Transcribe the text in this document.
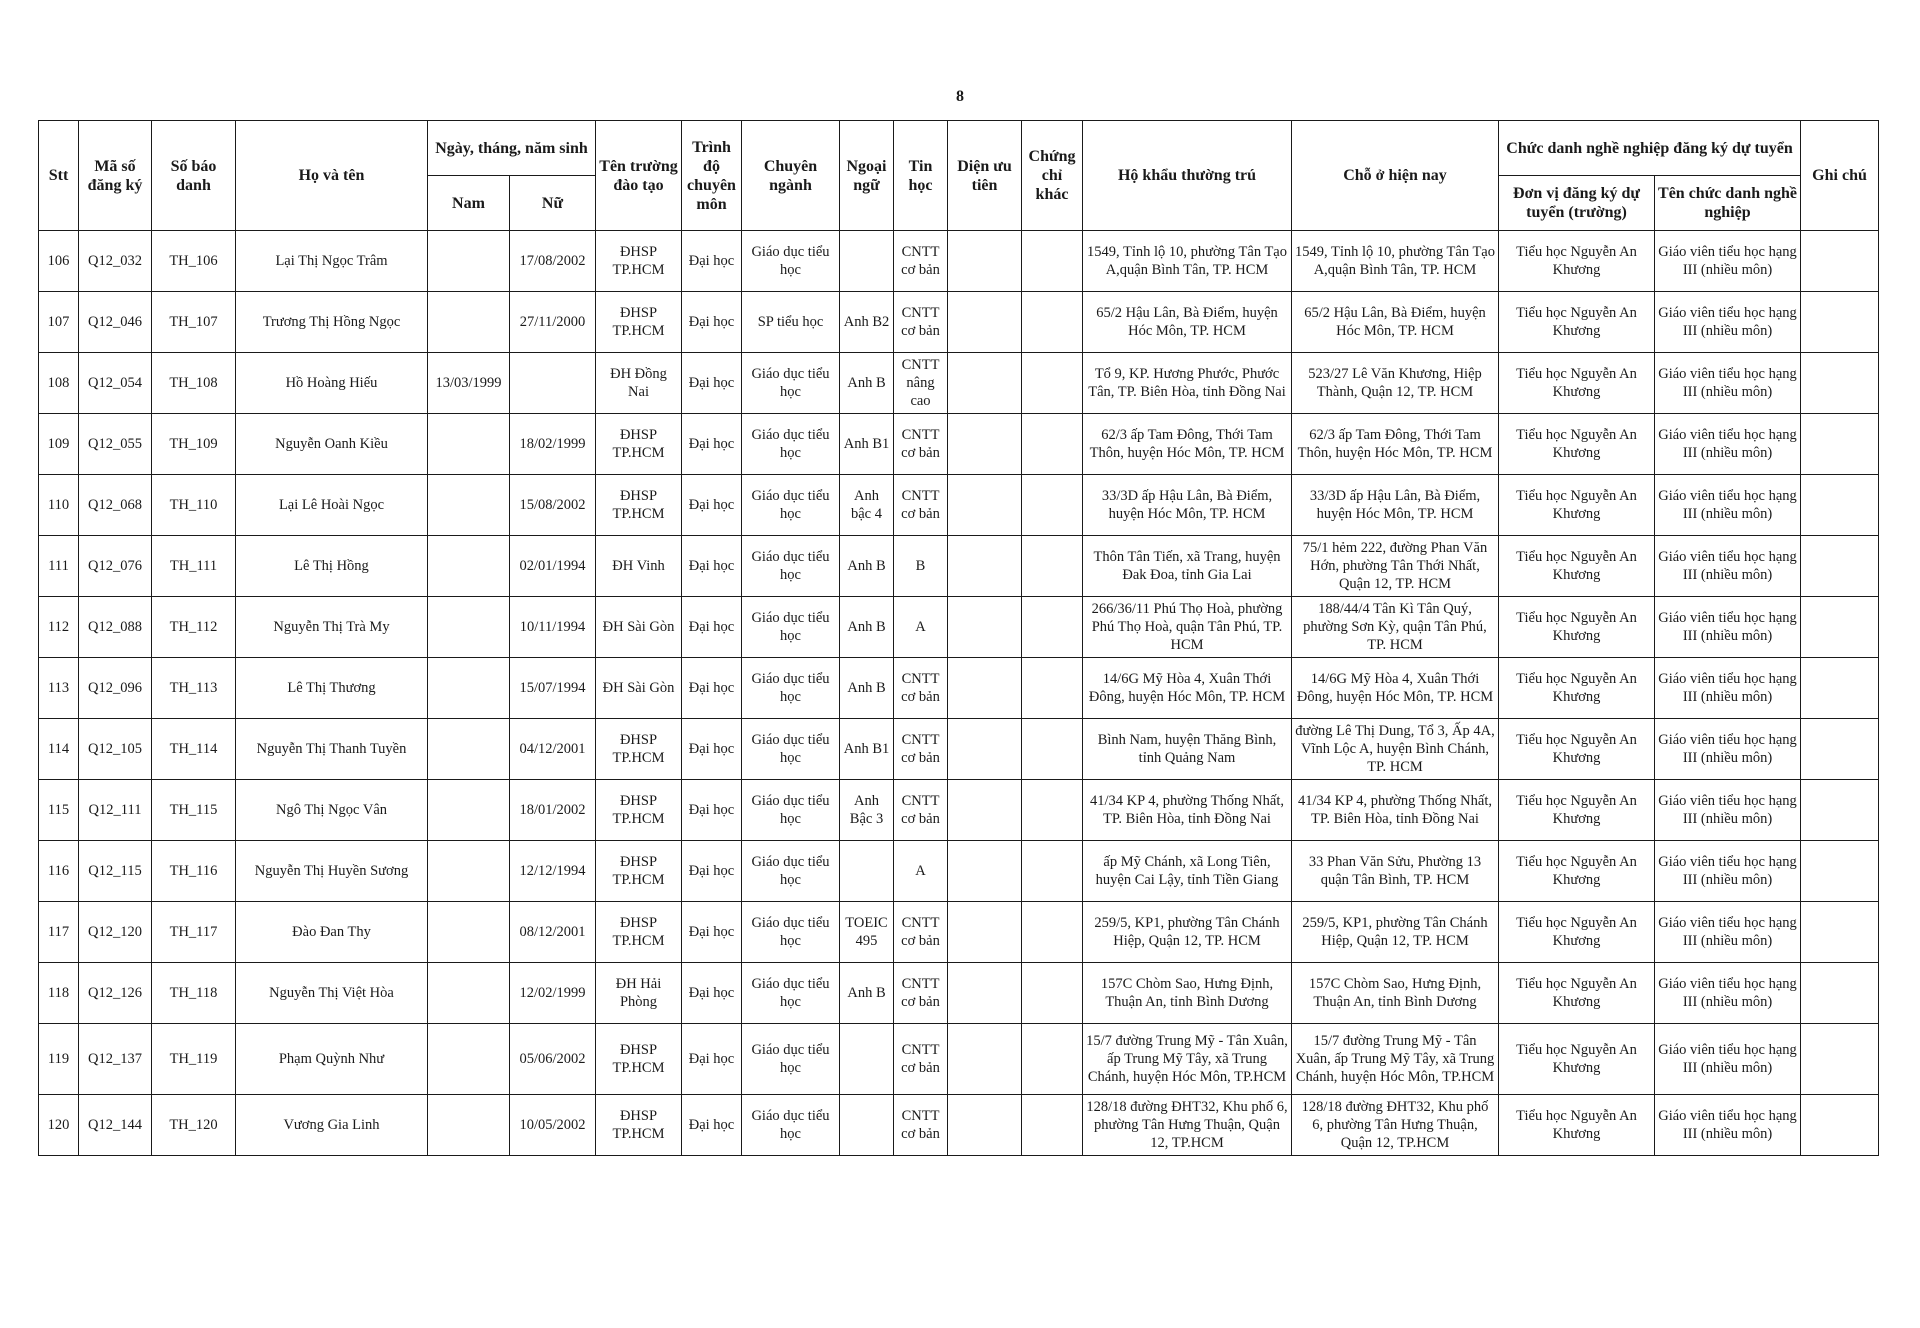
8
Stt	Mã số đăng ký	Số báo danh	Họ và tên	Ngày, tháng, năm sinh		Tên trường đào tạo	Trình độ chuyên môn	Chuyên ngành	Ngoại ngữ	Tin học	Diện ưu tiên	Chứng chỉ khác	Hộ khẩu thường trú	Chỗ ở hiện nay	Chức danh nghề nghiệp đăng ký dự tuyển		Ghi chú
				Nam	Nữ										Đơn vị đăng ký dự tuyển (trường)	Tên chức danh nghề nghiệp	
106	Q12_032	TH_106	Lại Thị Ngọc Trâm		17/08/2002	ĐHSP TP.HCM	Đại học	Giáo dục tiểu học		CNTT cơ bản			1549, Tỉnh lộ 10, phường Tân Tạo A,quận Bình Tân, TP. HCM	1549, Tỉnh lộ 10, phường Tân Tạo A,quận Bình Tân, TP. HCM	Tiểu học Nguyễn An Khương	Giáo viên tiểu học hạng III (nhiều môn)	
107	Q12_046	TH_107	Trương Thị Hồng Ngọc		27/11/2000	ĐHSP TP.HCM	Đại học	SP tiểu học	Anh B2	CNTT cơ bản			65/2 Hậu Lân, Bà Điểm, huyện Hóc Môn, TP. HCM	65/2 Hậu Lân, Bà Điểm, huyện Hóc Môn, TP. HCM	Tiểu học Nguyễn An Khương	Giáo viên tiểu học hạng III (nhiều môn)	
108	Q12_054	TH_108	Hồ Hoàng Hiếu	13/03/1999		ĐH Đồng Nai	Đại học	Giáo dục tiểu học	Anh B	CNTT nâng cao			Tổ 9, KP. Hương Phước, Phước Tân, TP. Biên Hòa, tỉnh Đồng Nai	523/27 Lê Văn Khương, Hiệp Thành, Quận 12, TP. HCM	Tiểu học Nguyễn An Khương	Giáo viên tiểu học hạng III (nhiều môn)	
109	Q12_055	TH_109	Nguyễn Oanh Kiều		18/02/1999	ĐHSP TP.HCM	Đại học	Giáo dục tiểu học	Anh B1	CNTT cơ bản			62/3 ấp Tam Đông, Thới Tam Thôn, huyện Hóc Môn, TP. HCM	62/3 ấp Tam Đông, Thới Tam Thôn, huyện Hóc Môn, TP. HCM	Tiểu học Nguyễn An Khương	Giáo viên tiểu học hạng III (nhiều môn)	
110	Q12_068	TH_110	Lại Lê Hoài Ngọc		15/08/2002	ĐHSP TP.HCM	Đại học	Giáo dục tiểu học	Anh bậc 4	CNTT cơ bản			33/3D ấp Hậu Lân, Bà Điểm, huyện Hóc Môn, TP. HCM	33/3D ấp Hậu Lân, Bà Điểm, huyện Hóc Môn, TP. HCM	Tiểu học Nguyễn An Khương	Giáo viên tiểu học hạng III (nhiều môn)	
111	Q12_076	TH_111	Lê Thị Hồng		02/01/1994	ĐH Vinh	Đại học	Giáo dục tiểu học	Anh B	B			Thôn Tân Tiến, xã Trang, huyện Đak Đoa, tỉnh Gia Lai	75/1 hẻm 222, đường Phan Văn Hớn, phường Tân Thới Nhất, Quận 12, TP. HCM	Tiểu học Nguyễn An Khương	Giáo viên tiểu học hạng III (nhiều môn)	
112	Q12_088	TH_112	Nguyễn Thị Trà My		10/11/1994	ĐH Sài Gòn	Đại học	Giáo dục tiểu học	Anh B	A			266/36/11 Phú Thọ Hoà, phường Phú Thọ Hoà, quận Tân Phú, TP. HCM	188/44/4 Tân Kì Tân Quý, phường Sơn Kỳ, quận Tân Phú, TP. HCM	Tiểu học Nguyễn An Khương	Giáo viên tiểu học hạng III (nhiều môn)	
113	Q12_096	TH_113	Lê Thị Thương		15/07/1994	ĐH Sài Gòn	Đại học	Giáo dục tiểu học	Anh B	CNTT cơ bản			14/6G Mỹ Hòa 4, Xuân Thới Đông, huyện Hóc Môn, TP. HCM	14/6G Mỹ Hòa 4, Xuân Thới Đông, huyện Hóc Môn, TP. HCM	Tiểu học Nguyễn An Khương	Giáo viên tiểu học hạng III (nhiều môn)	
114	Q12_105	TH_114	Nguyễn Thị Thanh Tuyền		04/12/2001	ĐHSP TP.HCM	Đại học	Giáo dục tiểu học	Anh B1	CNTT cơ bản			Bình Nam, huyện Thăng Bình, tỉnh Quảng Nam	đường Lê Thị Dung, Tổ 3, Ấp 4A, Vĩnh Lộc A, huyện Bình Chánh, TP. HCM	Tiểu học Nguyễn An Khương	Giáo viên tiểu học hạng III (nhiều môn)	
115	Q12_111	TH_115	Ngô Thị Ngọc Vân		18/01/2002	ĐHSP TP.HCM	Đại học	Giáo dục tiểu học	Anh Bậc 3	CNTT cơ bản			41/34 KP 4, phường Thống Nhất, TP. Biên Hòa, tỉnh Đồng Nai	41/34 KP 4, phường Thống Nhất, TP. Biên Hòa, tỉnh Đồng Nai	Tiểu học Nguyễn An Khương	Giáo viên tiểu học hạng III (nhiều môn)	
116	Q12_115	TH_116	Nguyễn Thị Huyền Sương		12/12/1994	ĐHSP TP.HCM	Đại học	Giáo dục tiểu học		A			ấp Mỹ Chánh, xã Long Tiên, huyện Cai Lậy, tỉnh Tiền Giang	33 Phan Văn Sửu, Phường 13 quận Tân Bình, TP. HCM	Tiểu học Nguyễn An Khương	Giáo viên tiểu học hạng III (nhiều môn)	
117	Q12_120	TH_117	Đào Đan Thy		08/12/2001	ĐHSP TP.HCM	Đại học	Giáo dục tiểu học	TOEIC 495	CNTT cơ bản			259/5, KP1, phường Tân Chánh Hiệp, Quận 12, TP. HCM	259/5, KP1, phường Tân Chánh Hiệp, Quận 12, TP. HCM	Tiểu học Nguyễn An Khương	Giáo viên tiểu học hạng III (nhiều môn)	
118	Q12_126	TH_118	Nguyễn Thị Việt Hòa		12/02/1999	ĐH Hải Phòng	Đại học	Giáo dục tiểu học	Anh B	CNTT cơ bản			157C Chòm Sao, Hưng Định, Thuận An, tỉnh Bình Dương	157C Chòm Sao, Hưng Định, Thuận An, tỉnh Bình Dương	Tiểu học Nguyễn An Khương	Giáo viên tiểu học hạng III (nhiều môn)	
119	Q12_137	TH_119	Phạm Quỳnh Như		05/06/2002	ĐHSP TP.HCM	Đại học	Giáo dục tiểu học		CNTT cơ bản			15/7 đường Trung Mỹ - Tân Xuân, ấp Trung Mỹ Tây, xã Trung Chánh, huyện Hóc Môn, TP.HCM	15/7 đường Trung Mỹ - Tân Xuân, ấp Trung Mỹ Tây, xã Trung Chánh, huyện Hóc Môn, TP.HCM	Tiểu học Nguyễn An Khương	Giáo viên tiểu học hạng III (nhiều môn)	
120	Q12_144	TH_120	Vương Gia Linh		10/05/2002	ĐHSP TP.HCM	Đại học	Giáo dục tiểu học		CNTT cơ bản			128/18 đường ĐHT32, Khu phố 6, phường Tân Hưng Thuận, Quận 12, TP.HCM	128/18 đường ĐHT32, Khu phố 6, phường Tân Hưng Thuận, Quận 12, TP.HCM	Tiểu học Nguyễn An Khương	Giáo viên tiểu học hạng III (nhiều môn)	
